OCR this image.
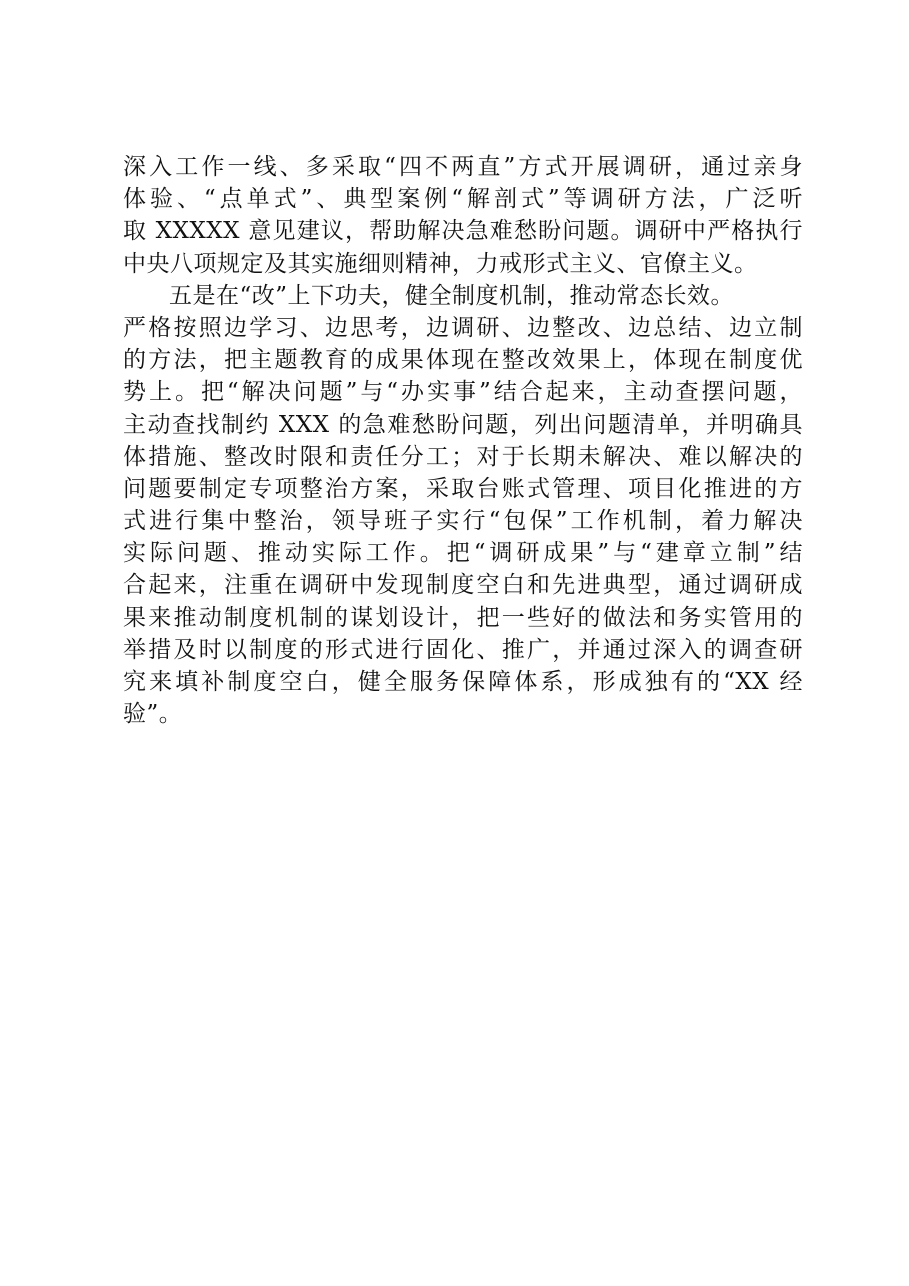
深入工作一线、多采取“四不两直”方式开展调研，通过亲身
体验、“点单式”、典型案例“解剖式”等调研方法，广泛听
取 XXXXX 意见建议，帮助解决急难愁盼问题。调研中严格执行
中央八项规定及其实施细则精神，力戒形式主义、官僚主义。
五是在“改”上下功夫，健全制度机制，推动常态长效。
严格按照边学习、边思考，边调研、边整改、边总结、边立制
的方法，把主题教育的成果体现在整改效果上，体现在制度优
势上。把“解决问题”与“办实事”结合起来，主动查摆问题，
主动查找制约 XXX 的急难愁盼问题，列出问题清单，并明确具
体措施、整改时限和责任分工；对于长期未解决、难以解决的
问题要制定专项整治方案，采取台账式管理、项目化推进的方
式进行集中整治，领导班子实行“包保”工作机制，着力解决
实际问题、推动实际工作。把“调研成果”与“建章立制”结
合起来，注重在调研中发现制度空白和先进典型，通过调研成
果来推动制度机制的谋划设计，把一些好的做法和务实管用的
举措及时以制度的形式进行固化、推广，并通过深入的调查研
究来填补制度空白，健全服务保障体系，形成独有的“XX 经
验”。
